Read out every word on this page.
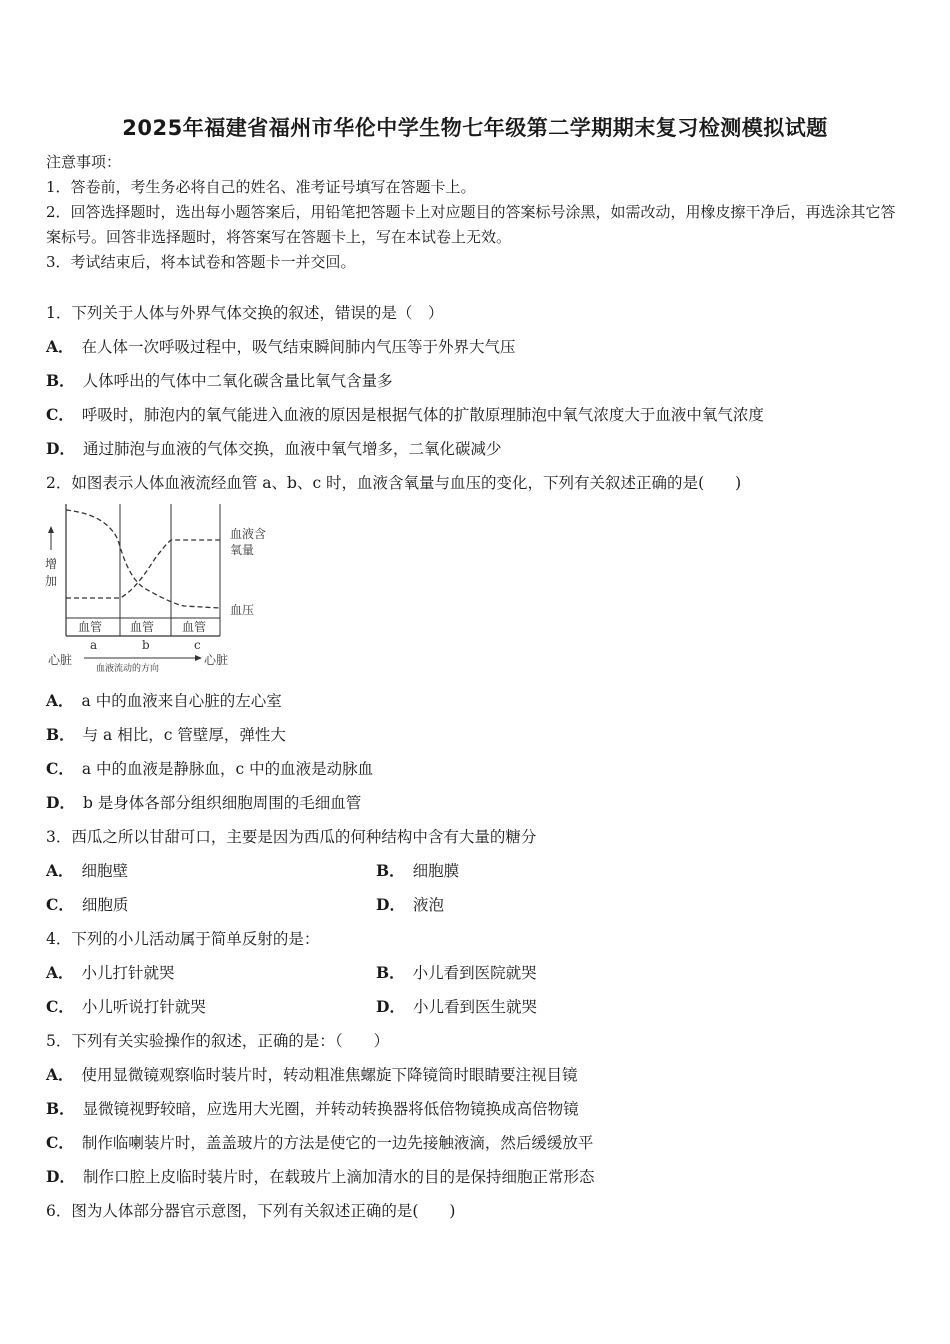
2025年福建省福州市华伦中学生物七年级第二学期期末复习检测模拟试题
注意事项：
1．答卷前，考生务必将自己的姓名、准考证号填写在答题卡上。
2．回答选择题时，选出每小题答案后，用铅笔把答题卡上对应题目的答案标号涂黑，如需改动，用橡皮擦干净后，再选涂其它答案标号。回答非选择题时，将答案写在答题卡上，写在本试卷上无效。
3．考试结束后，将本试卷和答题卡一并交回。
1．下列关于人体与外界气体交换的叙述，错误的是（　）
A． 在人体一次呼吸过程中，吸气结束瞬间肺内气压等于外界大气压
B． 人体呼出的气体中二氧化碳含量比氧气含量多
C． 呼吸时，肺泡内的氧气能进入血液的原因是根据气体的扩散原理肺泡中氧气浓度大于血液中氧气浓度
D． 通过肺泡与血液的气体交换，血液中氧气增多，二氧化碳减少
2．如图表示人体血液流经血管 a、b、c 时，血液含氧量与血压的变化，下列有关叙述正确的是(　　)
增
加
血液含
氧量
血压
血管 血管 血管
a	b	c
心脏	心脏
血液流动的方向
A． a 中的血液来自心脏的左心室
B． 与 a 相比，c 管壁厚，弹性大
C． a 中的血液是静脉血，c 中的血液是动脉血
D． b 是身体各部分组织细胞周围的毛细血管
3．西瓜之所以甘甜可口，主要是因为西瓜的何种结构中含有大量的糖分
A． 细胞壁	B． 细胞膜
C． 细胞质	D． 液泡
4．下列的小儿活动属于简单反射的是：
A． 小儿打针就哭	B． 小儿看到医院就哭
C． 小儿听说打针就哭	D． 小儿看到医生就哭
5．下列有关实验操作的叙述，正确的是：（　　）
A． 使用显微镜观察临时装片时，转动粗准焦螺旋下降镜筒时眼睛要注视目镜
B． 显微镜视野较暗，应选用大光圈，并转动转换器将低倍物镜换成高倍物镜
C． 制作临喇装片时，盖盖玻片的方法是使它的一边先接触液滴，然后缓缓放平
D． 制作口腔上皮临时装片时，在载玻片上滴加清水的目的是保持细胞正常形态
6．图为人体部分器官示意图，下列有关叙述正确的是(　　)
